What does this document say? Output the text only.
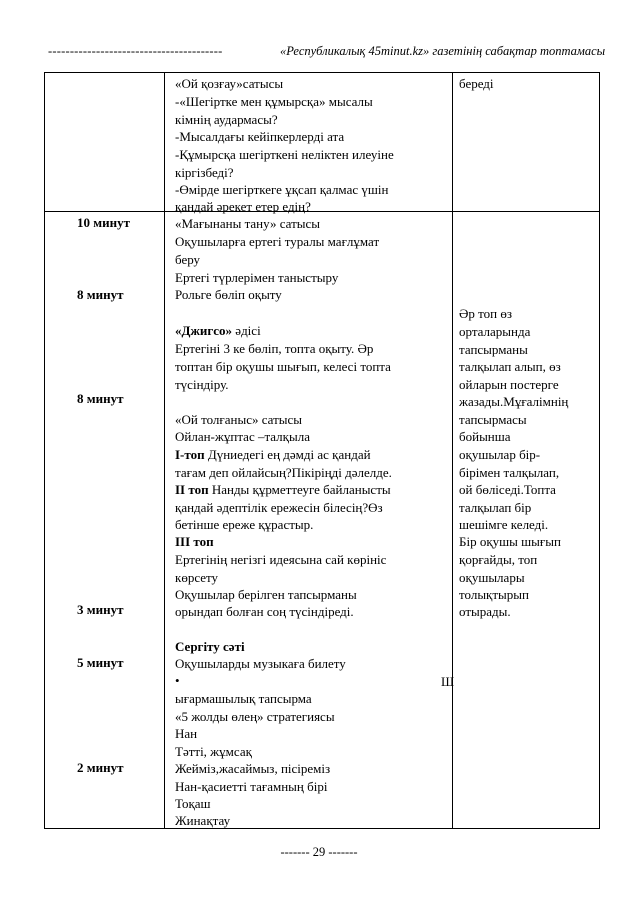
----------------------------------------	«Республикалық 45minut.kz» газетінің сабақтар топтамасы
«Ой қозғау»сатысы
-«Шегіртке мен құмырсқа» мысалы
кімнің аудармасы?
-Мысалдағы кейіпкерлерді ата
-Құмырсқа шегірткені неліктен илеуіне
кіргізбеді?
-Өмірде шегірткеге ұқсап қалмас үшін
қандай әрекет етер едің?
береді
10 минут
8 минут
8 минут
3 минут
5 минут
2 минут
«Мағынаны тану» сатысы
Оқушыларға ертегі туралы мағлұмат
беру
Ертегі түрлерімен таныстыру
Рольге бөліп оқыту
«Джигсо» әдісі
Ертегіні 3 ке бөліп, топта оқыту. Әр
топтан бір оқушы шығып, келесі топта
түсіндіру.
«Ой толғаныс» сатысы
Ойлан-жұптас –талқыла
І-топ Дүниедегі ең дәмді ас қандай
тағам деп ойлайсың?Пікіріңді дәлелде.
ІІ топ Нанды құрметтеуге байланысты
қандай әдептілік ережесін білесің?Өз
бетінше ереже құрастыр.
ІІІ топ
Ертегінің негізгі идеясына сай көрініс
көрсету
Оқушылар берілген тапсырманы
орындап болған соң түсіндіреді.
Сергіту сәті
Оқушыларды музыкаға билету
•	Ш
ығармашылық тапсырма
«5 жолды өлең» стратегиясы
Нан
Тәтті, жұмсақ
Жейміз,жасаймыз, пісіреміз
Нан-қасиетті тағамның бірі
Тоқаш
Жинақтау
Әр топ өз
орталарында
тапсырманы
талқылап алып, өз
ойларын постерге
жазады.Мұғалімнің
тапсырмасы
бойынша
оқушылар бір-
бірімен талқылап,
ой бөліседі.Топта
талқылап бір
шешімге келеді.
Бір оқушы шығып
қорғайды, топ
оқушылары
толықтырып
отырады.
------- 29 -------
